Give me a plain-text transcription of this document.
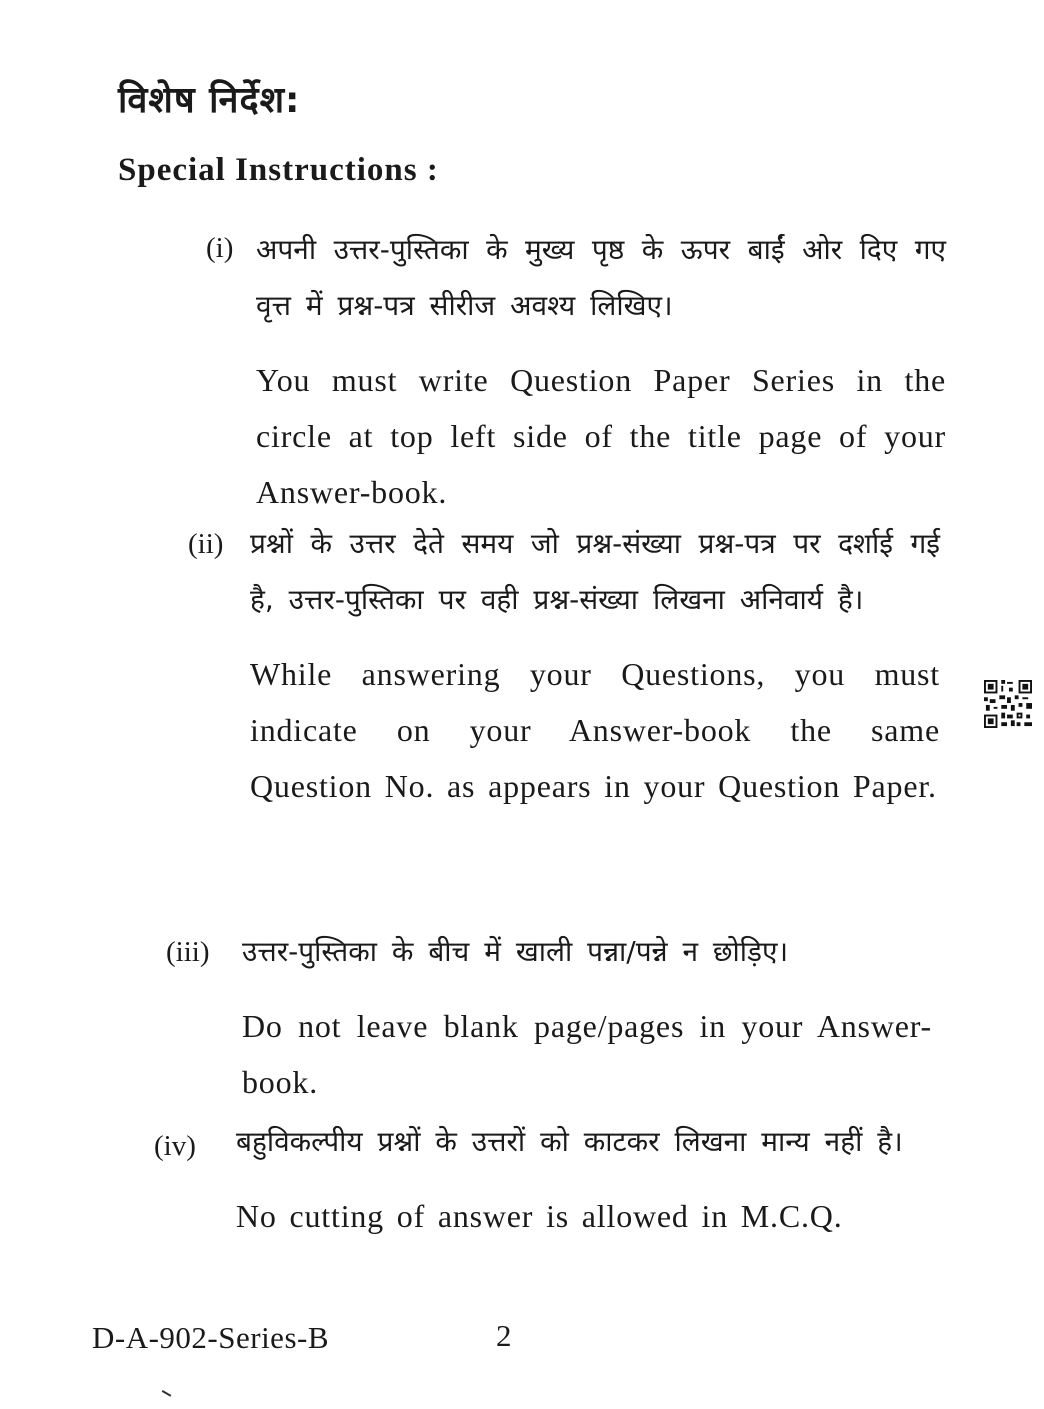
विशेष निर्देश:
Special Instructions :
(i) अपनी उत्तर-पुस्तिका के मुख्य पृष्ठ के ऊपर बाईं ओर दिए गए वृत्त में प्रश्न-पत्र सीरीज अवश्य लिखिए।

You must write Question Paper Series in the circle at top left side of the title page of your Answer-book.

(ii) प्रश्नों के उत्तर देते समय जो प्रश्न-संख्या प्रश्न-पत्र पर दर्शाई गई है, उत्तर-पुस्तिका पर वही प्रश्न-संख्या लिखना अनिवार्य है।

While answering your Questions, you must indicate on your Answer-book the same Question No. as appears in your Question Paper.

(iii) उत्तर-पुस्तिका के बीच में खाली पन्ना/पन्ने न छोड़िए।

Do not leave blank page/pages in your Answer-book.

(iv) बहुविकल्पीय प्रश्नों के उत्तरों को काटकर लिखना मान्य नहीं है।

No cutting of answer is allowed in M.C.Q.

D-A-902-Series-B	2
